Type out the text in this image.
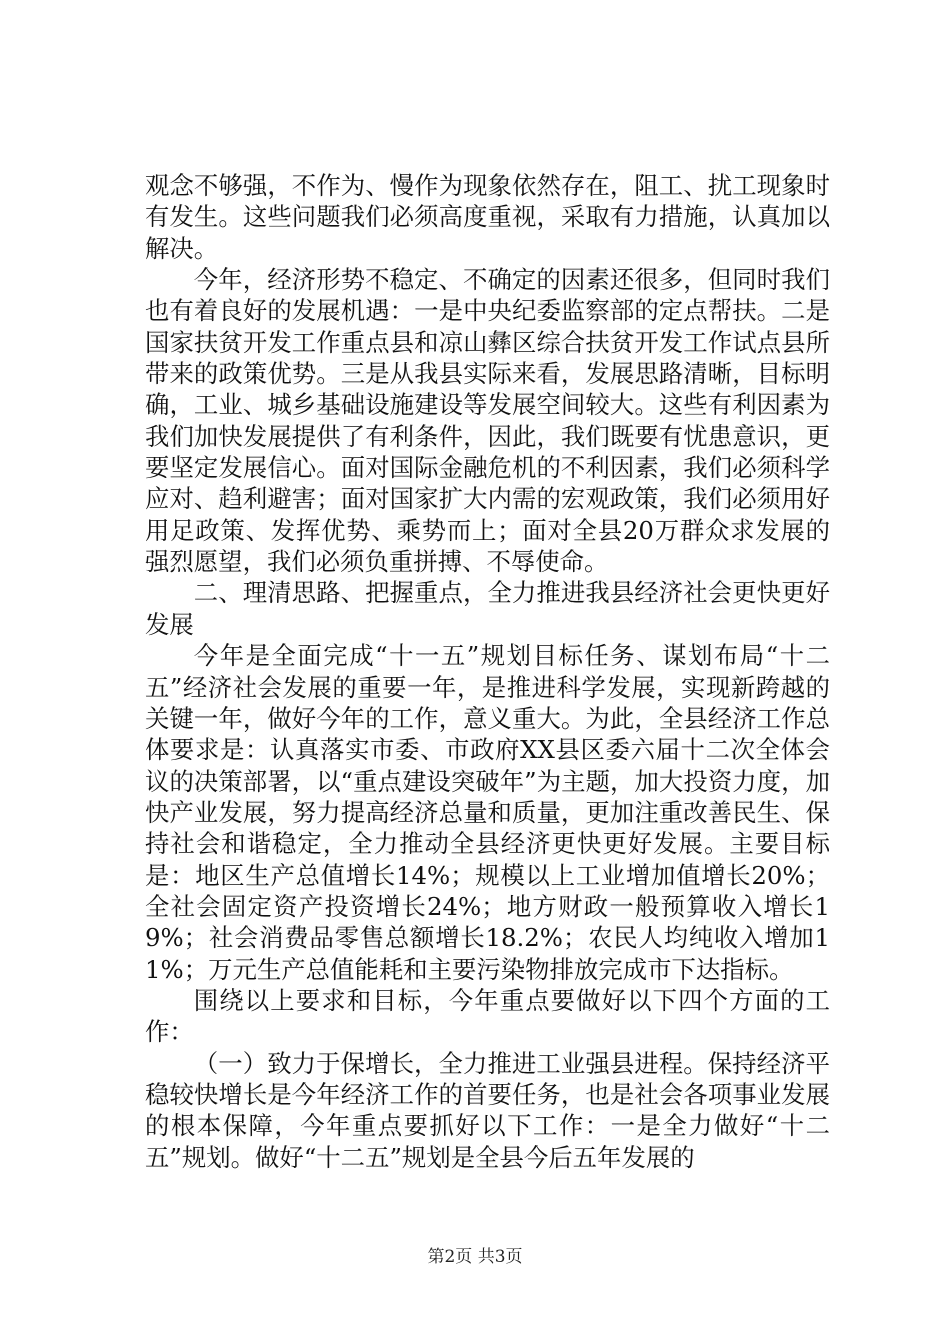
观念不够强，不作为、慢作为现象依然存在，阻工、扰工现象时有发生。这些问题我们必须高度重视，采取有力措施，认真加以解决。

今年，经济形势不稳定、不确定的因素还很多，但同时我们也有着良好的发展机遇：一是中央纪委监察部的定点帮扶。二是国家扶贫开发工作重点县和凉山彝区综合扶贫开发工作试点县所带来的政策优势。三是从我县实际来看，发展思路清晰，目标明确，工业、城乡基础设施建设等发展空间较大。这些有利因素为我们加快发展提供了有利条件，因此，我们既要有忧患意识，更要坚定发展信心。面对国际金融危机的不利因素，我们必须科学应对、趋利避害；面对国家扩大内需的宏观政策，我们必须用好用足政策、发挥优势、乘势而上；面对全县20万群众求发展的强烈愿望，我们必须负重拼搏、不辱使命。

二、理清思路、把握重点，全力推进我县经济社会更快更好发展

今年是全面完成“十一五”规划目标任务、谋划布局“十二五”经济社会发展的重要一年，是推进科学发展，实现新跨越的关键一年，做好今年的工作，意义重大。为此，全县经济工作总体要求是：认真落实市委、市政府XX县区委六届十二次全体会议的决策部署，以“重点建设突破年”为主题，加大投资力度，加快产业发展，努力提高经济总量和质量，更加注重改善民生、保持社会和谐稳定，全力推动全县经济更快更好发展。主要目标是：地区生产总值增长14%；规模以上工业增加值增长20%；全社会固定资产投资增长24%；地方财政一般预算收入增长19%；社会消费品零售总额增长18.2%；农民人均纯收入增加11%；万元生产总值能耗和主要污染物排放完成市下达指标。

围绕以上要求和目标，今年重点要做好以下四个方面的工作：

（一）致力于保增长，全力推进工业强县进程。保持经济平稳较快增长是今年经济工作的首要任务，也是社会各项事业发展的根本保障，今年重点要抓好以下工作：一是全力做好“十二五”规划。做好“十二五”规划是全县今后五年发展的

第2页 共3页
